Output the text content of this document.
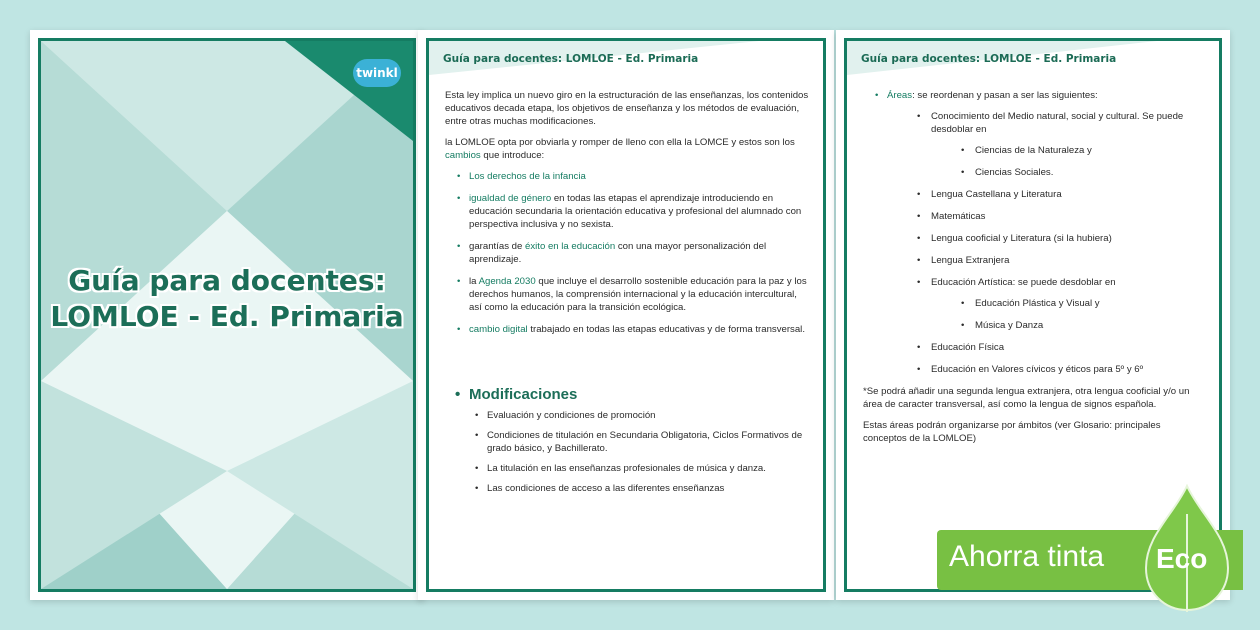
twinkl
Guía para docentes:
LOMLOE - Ed. Primaria
Guía para docentes: LOMLOE - Ed. Primaria

Esta ley implica un nuevo giro en la estructuración de las enseñanzas, los contenidos educativos decada etapa, los objetivos de enseñanza y los métodos de evaluación, entre otras muchas modificaciones.

la LOMLOE opta por obviarla y romper de lleno con ella la LOMCE y estos son los cambios que introduce:

• Los derechos de la infancia
• igualdad de género en todas las etapas el aprendizaje introduciendo en educación secundaria la orientación educativa y profesional del alumnado con perspectiva inclusiva y no sexista.
• garantías de éxito en la educación con una mayor personalización del aprendizaje.
• la Agenda 2030 que incluye el desarrollo sostenible educación para la paz y los derechos humanos, la comprensión internacional y la educación intercultural, así como la educación para la transición ecológica.
• cambio digital trabajado en todas las etapas educativas y de forma transversal.
• Modificaciones
• Evaluación y condiciones de promoción
• Condiciones de titulación en Secundaria Obligatoria, Ciclos Formativos de grado básico, y Bachillerato.
• La titulación en las enseñanzas profesionales de música y danza.
• Las condiciones de acceso a las diferentes enseñanzas
Guía para docentes: LOMLOE - Ed. Primaria
• Áreas: se reordenan y pasan a ser las siguientes:
• Conocimiento del Medio natural, social y cultural. Se puede desdoblar en
• Ciencias de la Naturaleza y
• Ciencias Sociales.
• Lengua Castellana y Literatura
• Matemáticas
• Lengua cooficial y Literatura (si la hubiera)
• Lengua Extranjera
• Educación Artística: se puede desdoblar en
• Educación Plástica y Visual y
• Música y Danza
• Educación Física
• Educación en Valores cívicos y éticos para 5º y 6º

*Se podrá añadir una segunda lengua extranjera, otra lengua cooficial y/o un área de caracter transversal, así como la lengua de signos española.

Estas áreas podrán organizarse por ámbitos (ver Glosario: principales conceptos de la LOMLOE)

Ahorra tinta Eco
